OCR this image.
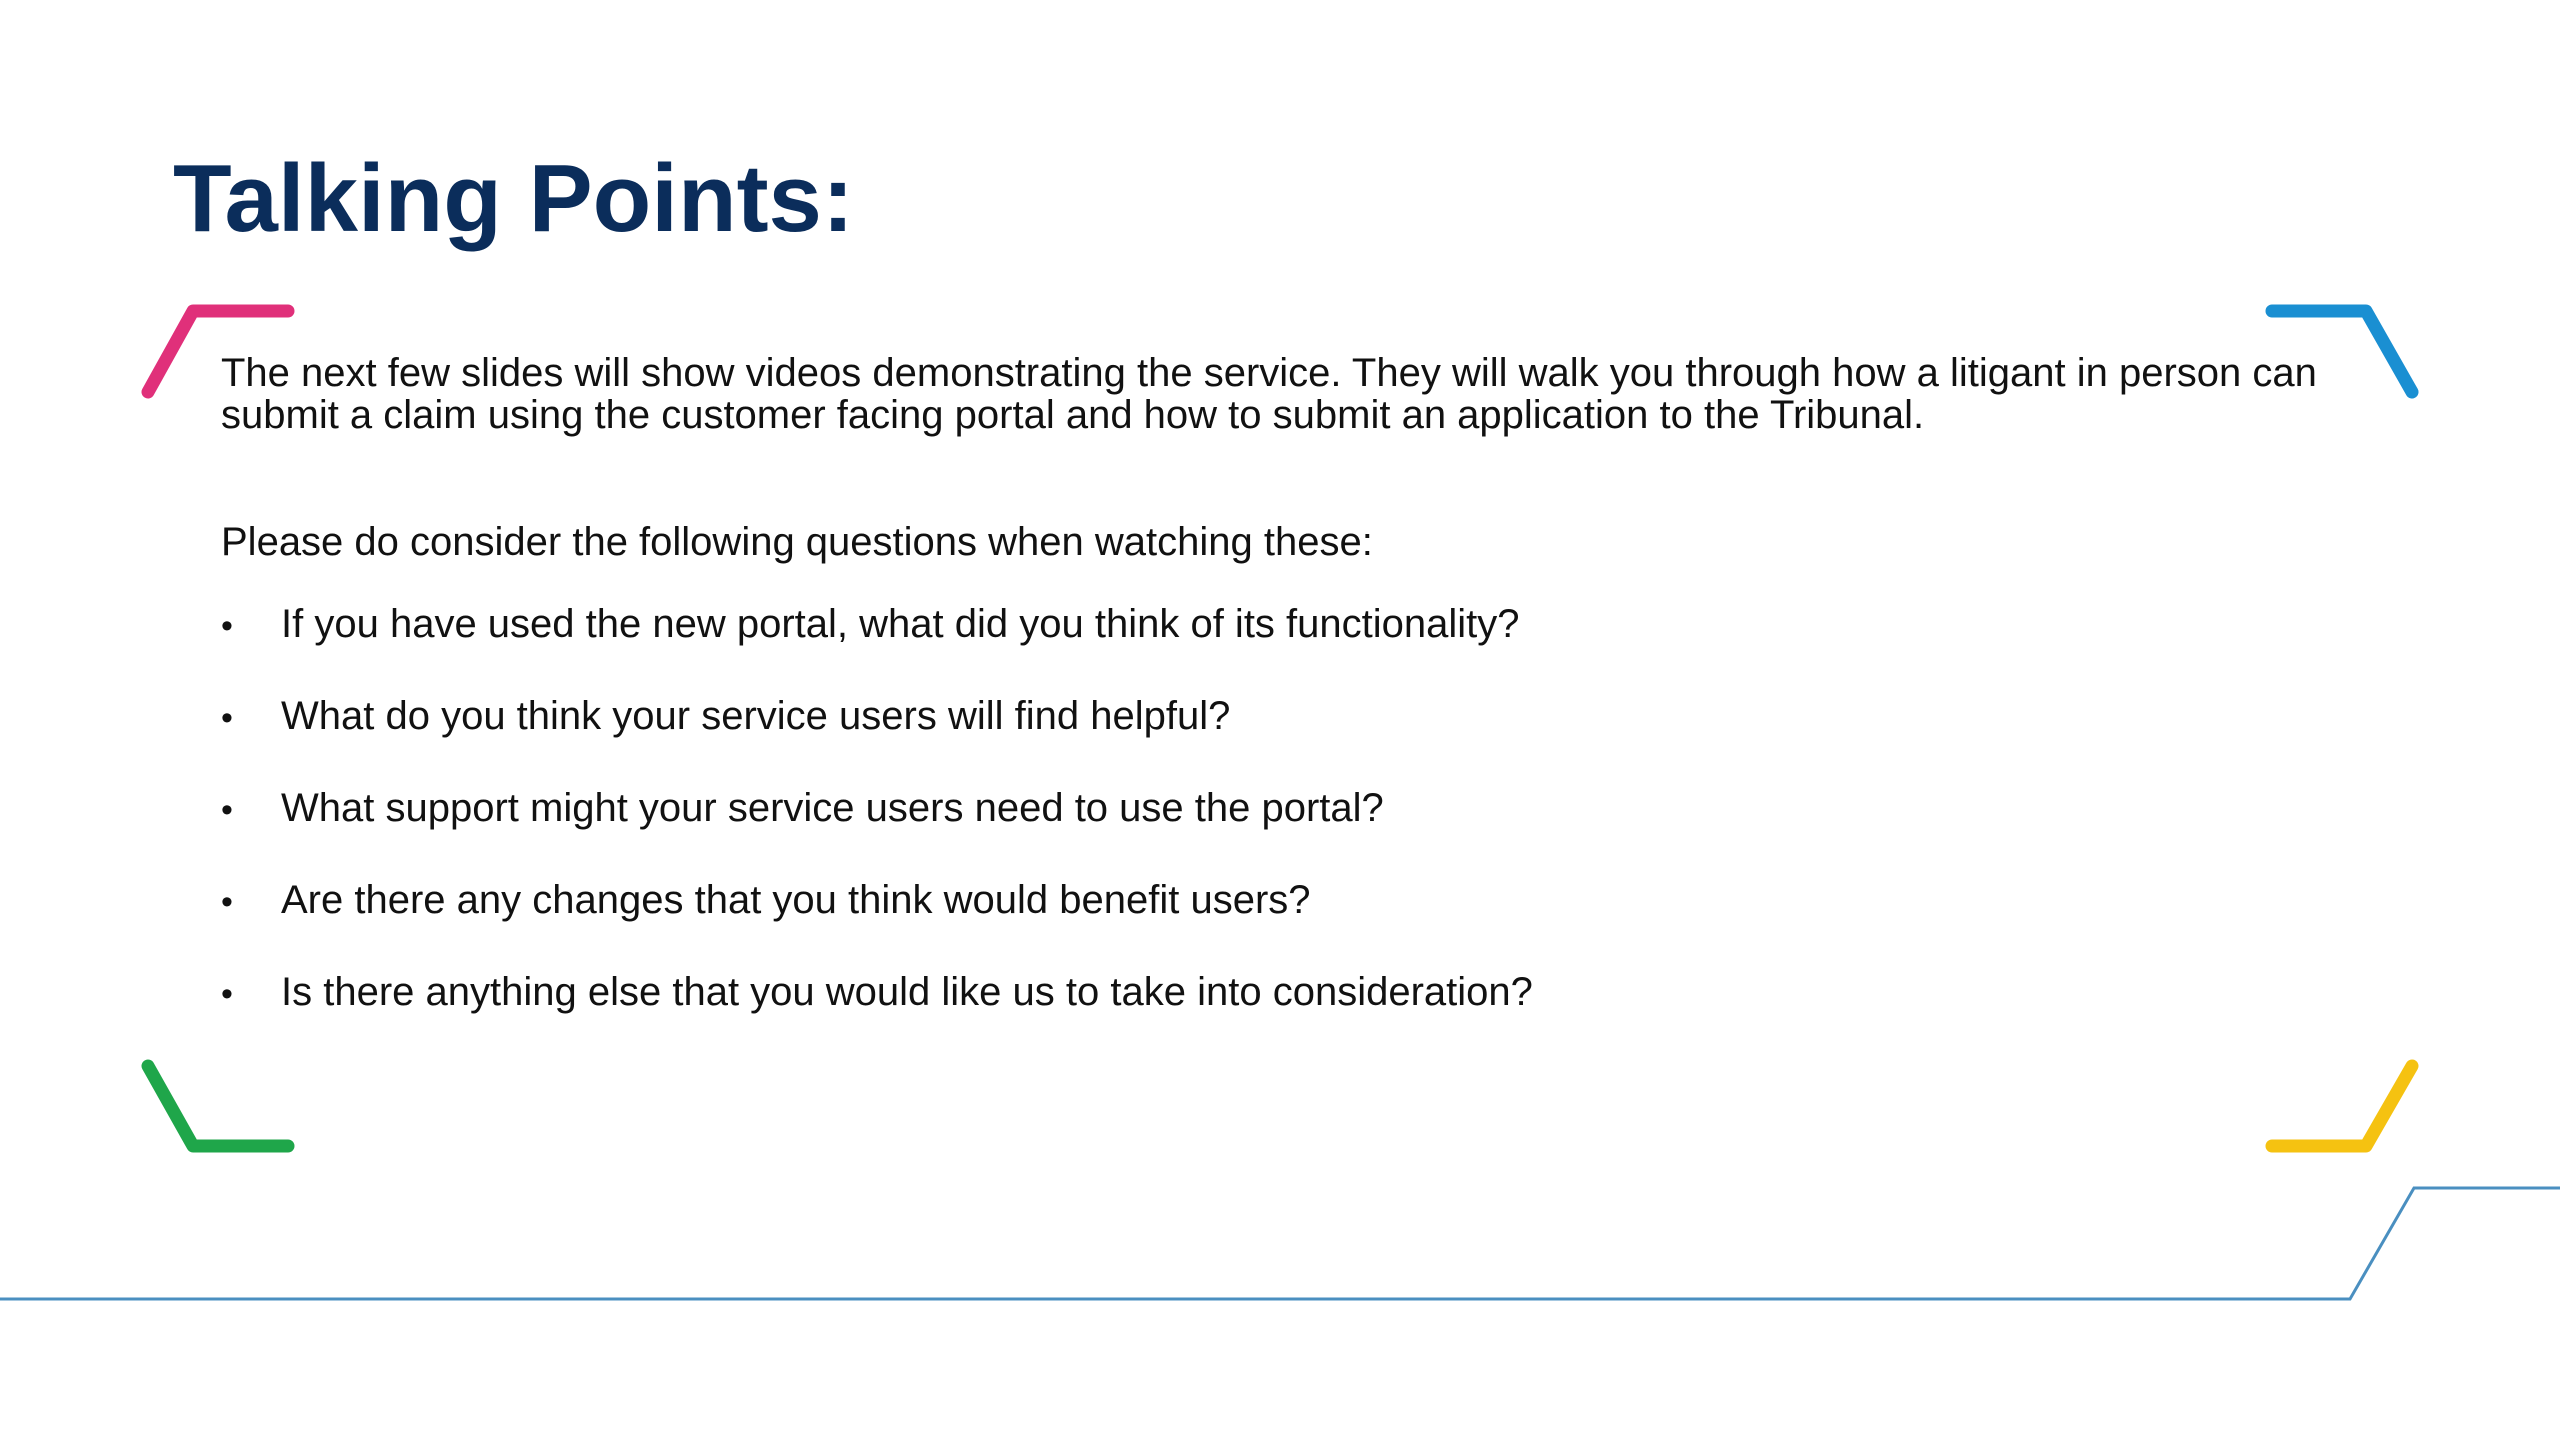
Talking Points:

The next few slides will show videos demonstrating the service. They will walk you through how a litigant in person can submit a claim using the customer facing portal and how to submit an application to the Tribunal.

Please do consider the following questions when watching these:

•	If you have used the new portal, what did you think of its functionality?
•	What do you think your service users will find helpful?
•	What support might your service users need to use the portal?
•	Are there any changes that you think would benefit users?
•	Is there anything else that you would like us to take into consideration?
